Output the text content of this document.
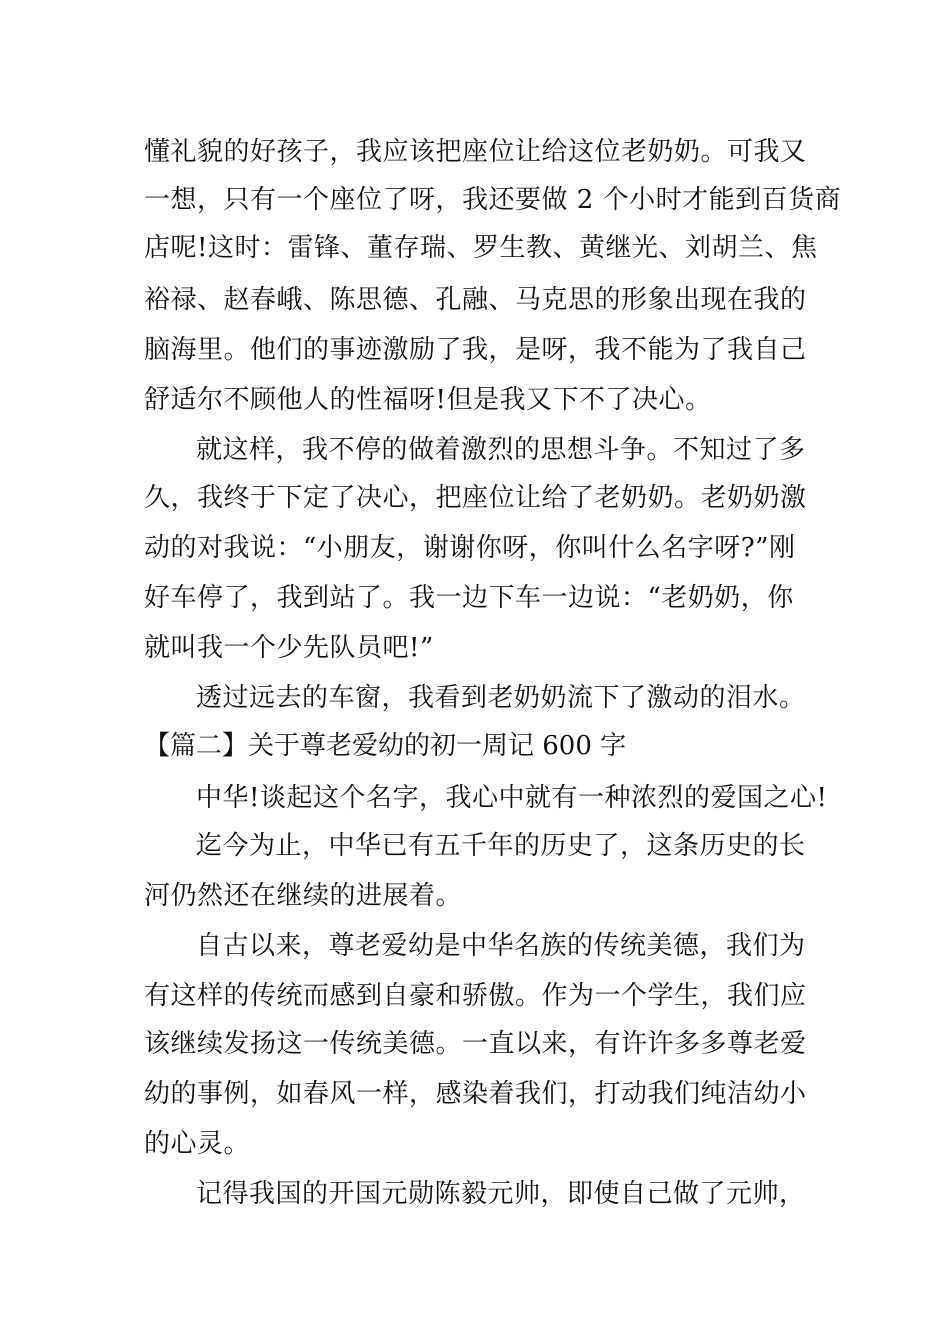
懂礼貌的好孩子，我应该把座位让给这位老奶奶。可我又
一想，只有一个座位了呀，我还要做 2 个小时才能到百货商
店呢!这时：雷锋、董存瑞、罗生教、黄继光、刘胡兰、焦
裕禄、赵春峨、陈思德、孔融、马克思的形象出现在我的
脑海里。他们的事迹激励了我，是呀，我不能为了我自己
舒适尔不顾他人的性福呀!但是我又下不了决心。
就这样，我不停的做着激烈的思想斗争。不知过了多
久，我终于下定了决心，把座位让给了老奶奶。老奶奶激
动的对我说：“小朋友，谢谢你呀，你叫什么名字呀?”刚
好车停了，我到站了。我一边下车一边说：“老奶奶，你
就叫我一个少先队员吧!”
透过远去的车窗，我看到老奶奶流下了激动的泪水。
【篇二】关于尊老爱幼的初一周记 600 字
中华!谈起这个名字，我心中就有一种浓烈的爱国之心!
迄今为止，中华已有五千年的历史了，这条历史的长
河仍然还在继续的进展着。
自古以来，尊老爱幼是中华名族的传统美德，我们为
有这样的传统而感到自豪和骄傲。作为一个学生，我们应
该继续发扬这一传统美德。一直以来，有许许多多尊老爱
幼的事例，如春风一样，感染着我们，打动我们纯洁幼小
的心灵。
记得我国的开国元勋陈毅元帅，即使自己做了元帅，
